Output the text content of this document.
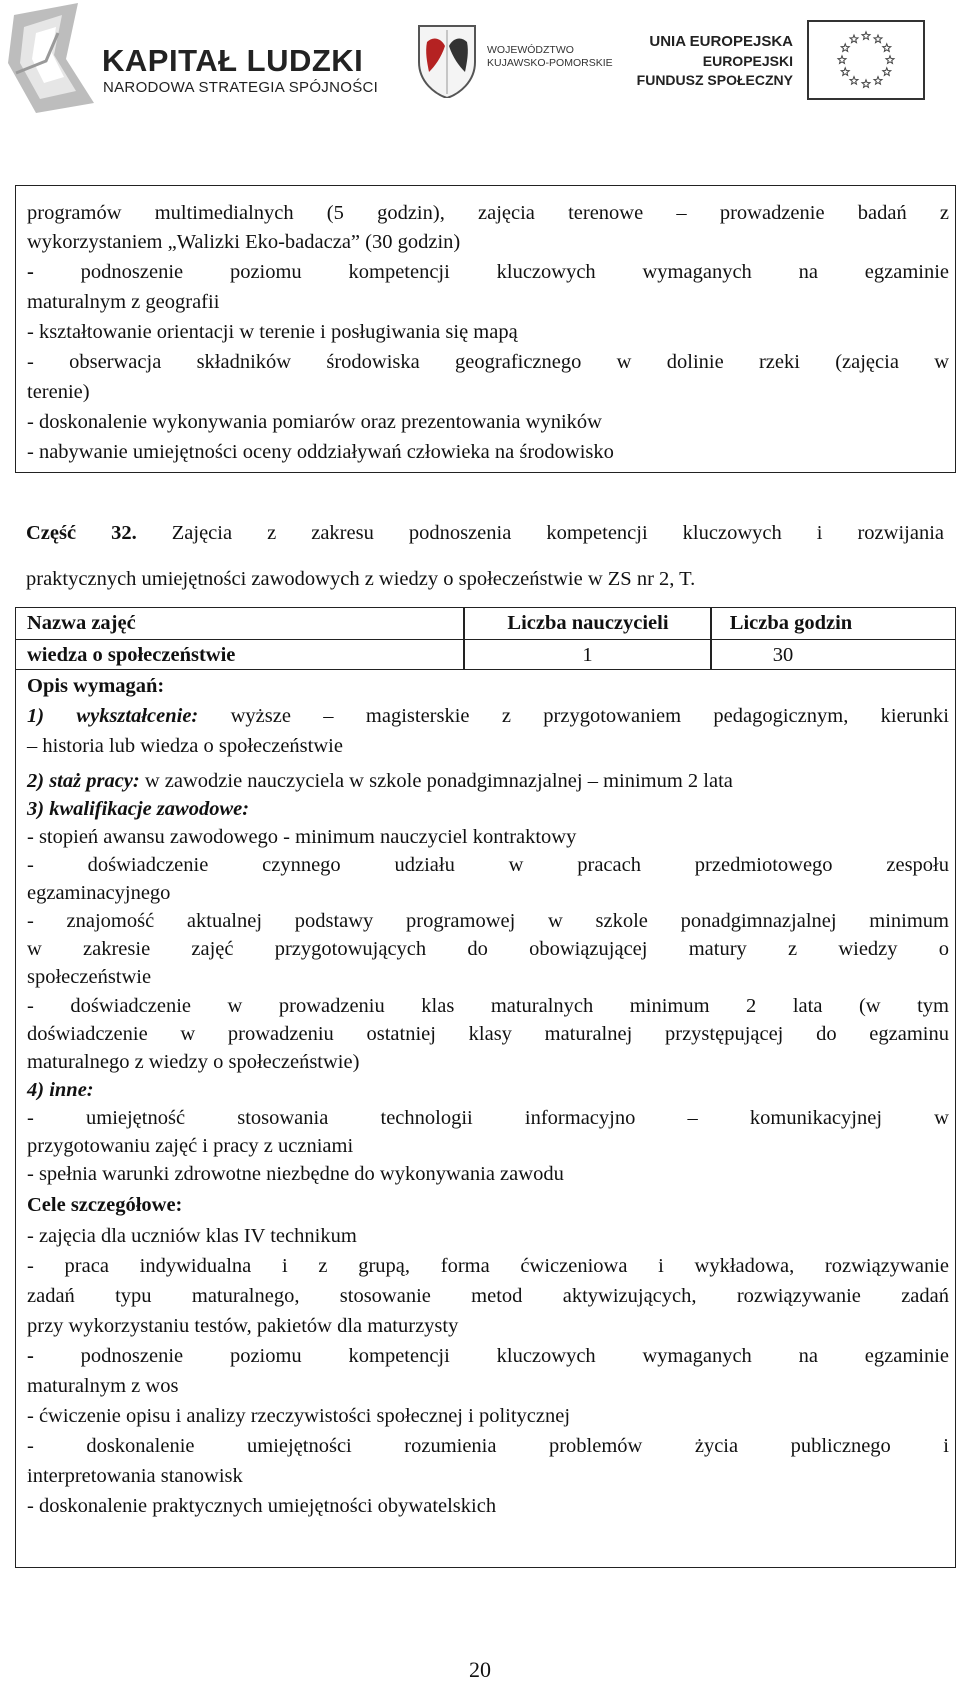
KAPITAŁ LUDZKI
NARODOWA STRATEGIA SPÓJNOŚCI
WOJEWÓDZTWO
KUJAWSKO-POMORSKIE
UNIA EUROPEJSKA
EUROPEJSKI
FUNDUSZ SPOŁECZNY
programów multimedialnych (5 godzin), zajęcia terenowe – prowadzenie badań z
wykorzystaniem „Walizki Eko-badacza” (30 godzin)
- podnoszenie poziomu kompetencji kluczowych wymaganych na egzaminie
maturalnym z geografii
- kształtowanie orientacji w terenie i posługiwania się mapą
- obserwacja składników środowiska geograficznego w dolinie rzeki (zajęcia w
terenie)
- doskonalenie wykonywania pomiarów oraz prezentowania wyników
- nabywanie umiejętności oceny oddziaływań człowieka na środowisko
Część 32. Zajęcia z zakresu podnoszenia kompetencji kluczowych i rozwijania
praktycznych umiejętności zawodowych z wiedzy o społeczeństwie w ZS nr 2, T.
Nazwa zajęć	Liczba nauczycieli	Liczba godzin
wiedza o społeczeństwie	1	30
Opis wymagań:
1) wykształcenie: wyższe – magisterskie z przygotowaniem pedagogicznym, kierunki
– historia lub wiedza o społeczeństwie
2) staż pracy: w zawodzie nauczyciela w szkole ponadgimnazjalnej – minimum 2 lata
3) kwalifikacje zawodowe:
- stopień awansu zawodowego - minimum nauczyciel kontraktowy
- doświadczenie czynnego udziału w pracach przedmiotowego zespołu
egzaminacyjnego
- znajomość aktualnej podstawy programowej w szkole ponadgimnazjalnej minimum
w zakresie zajęć przygotowujących do obowiązującej matury z wiedzy o
społeczeństwie
- doświadczenie w prowadzeniu klas maturalnych minimum 2 lata (w tym
doświadczenie w prowadzeniu ostatniej klasy maturalnej przystępującej do egzaminu
maturalnego z wiedzy o społeczeństwie)
4) inne:
- umiejętność stosowania technologii informacyjno – komunikacyjnej w
przygotowaniu zajęć i pracy z uczniami
- spełnia warunki zdrowotne niezbędne do wykonywania zawodu
Cele szczegółowe:
- zajęcia dla uczniów klas IV technikum
- praca indywidualna i z grupą, forma ćwiczeniowa i wykładowa, rozwiązywanie
zadań typu maturalnego, stosowanie metod aktywizujących, rozwiązywanie zadań
przy wykorzystaniu testów, pakietów dla maturzysty
- podnoszenie poziomu kompetencji kluczowych wymaganych na egzaminie
maturalnym z wos
- ćwiczenie opisu i analizy rzeczywistości społecznej i politycznej
- doskonalenie umiejętności rozumienia problemów życia publicznego i
interpretowania stanowisk
- doskonalenie praktycznych umiejętności obywatelskich
20
